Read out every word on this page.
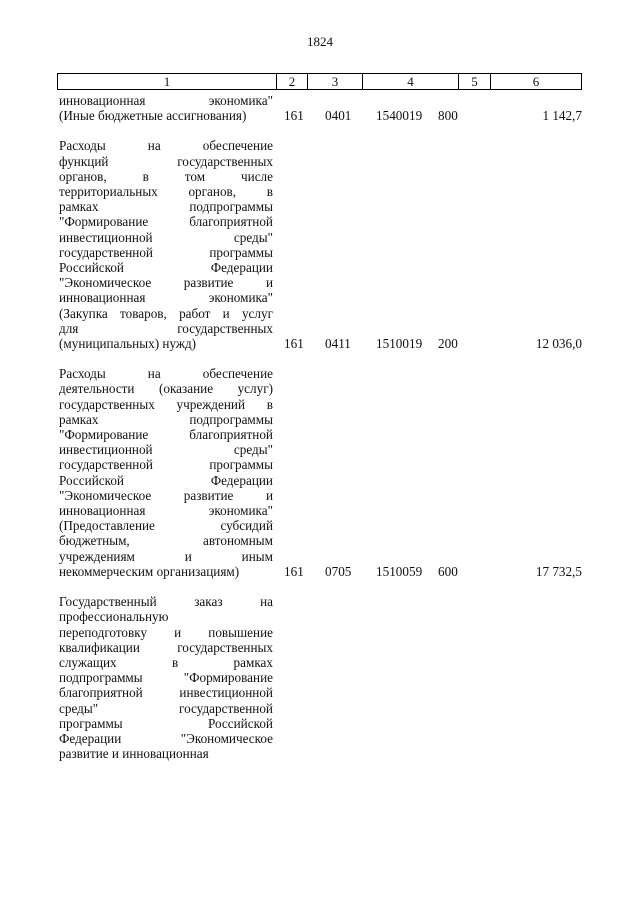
1824
1	2	3	4	5	6
инновационная экономика"
(Иные бюджетные ассигнования)	161 0401 1540019 800	1 142,7
Расходы на обеспечение
функций государственных
органов, в том числе
территориальных органов, в
рамках подпрограммы
"Формирование благоприятной
инвестиционной среды"
государственной программы
Российской Федерации
"Экономическое развитие и
инновационная экономика"
(Закупка товаров, работ и услуг
для государственных
(муниципальных) нужд)	161 0411 1510019 200	12 036,0
Расходы на обеспечение
деятельности (оказание услуг)
государственных учреждений в
рамках подпрограммы
"Формирование благоприятной
инвестиционной среды"
государственной программы
Российской Федерации
"Экономическое развитие и
инновационная экономика"
(Предоставление субсидий
бюджетным, автономным
учреждениям и иным
некоммерческим организациям)	161 0705 1510059 600	17 732,5
Государственный заказ на
профессиональную
переподготовку и повышение
квалификации государственных
служащих в рамках
подпрограммы "Формирование
благоприятной инвестиционной
среды" государственной
программы Российской
Федерации "Экономическое
развитие и инновационная
